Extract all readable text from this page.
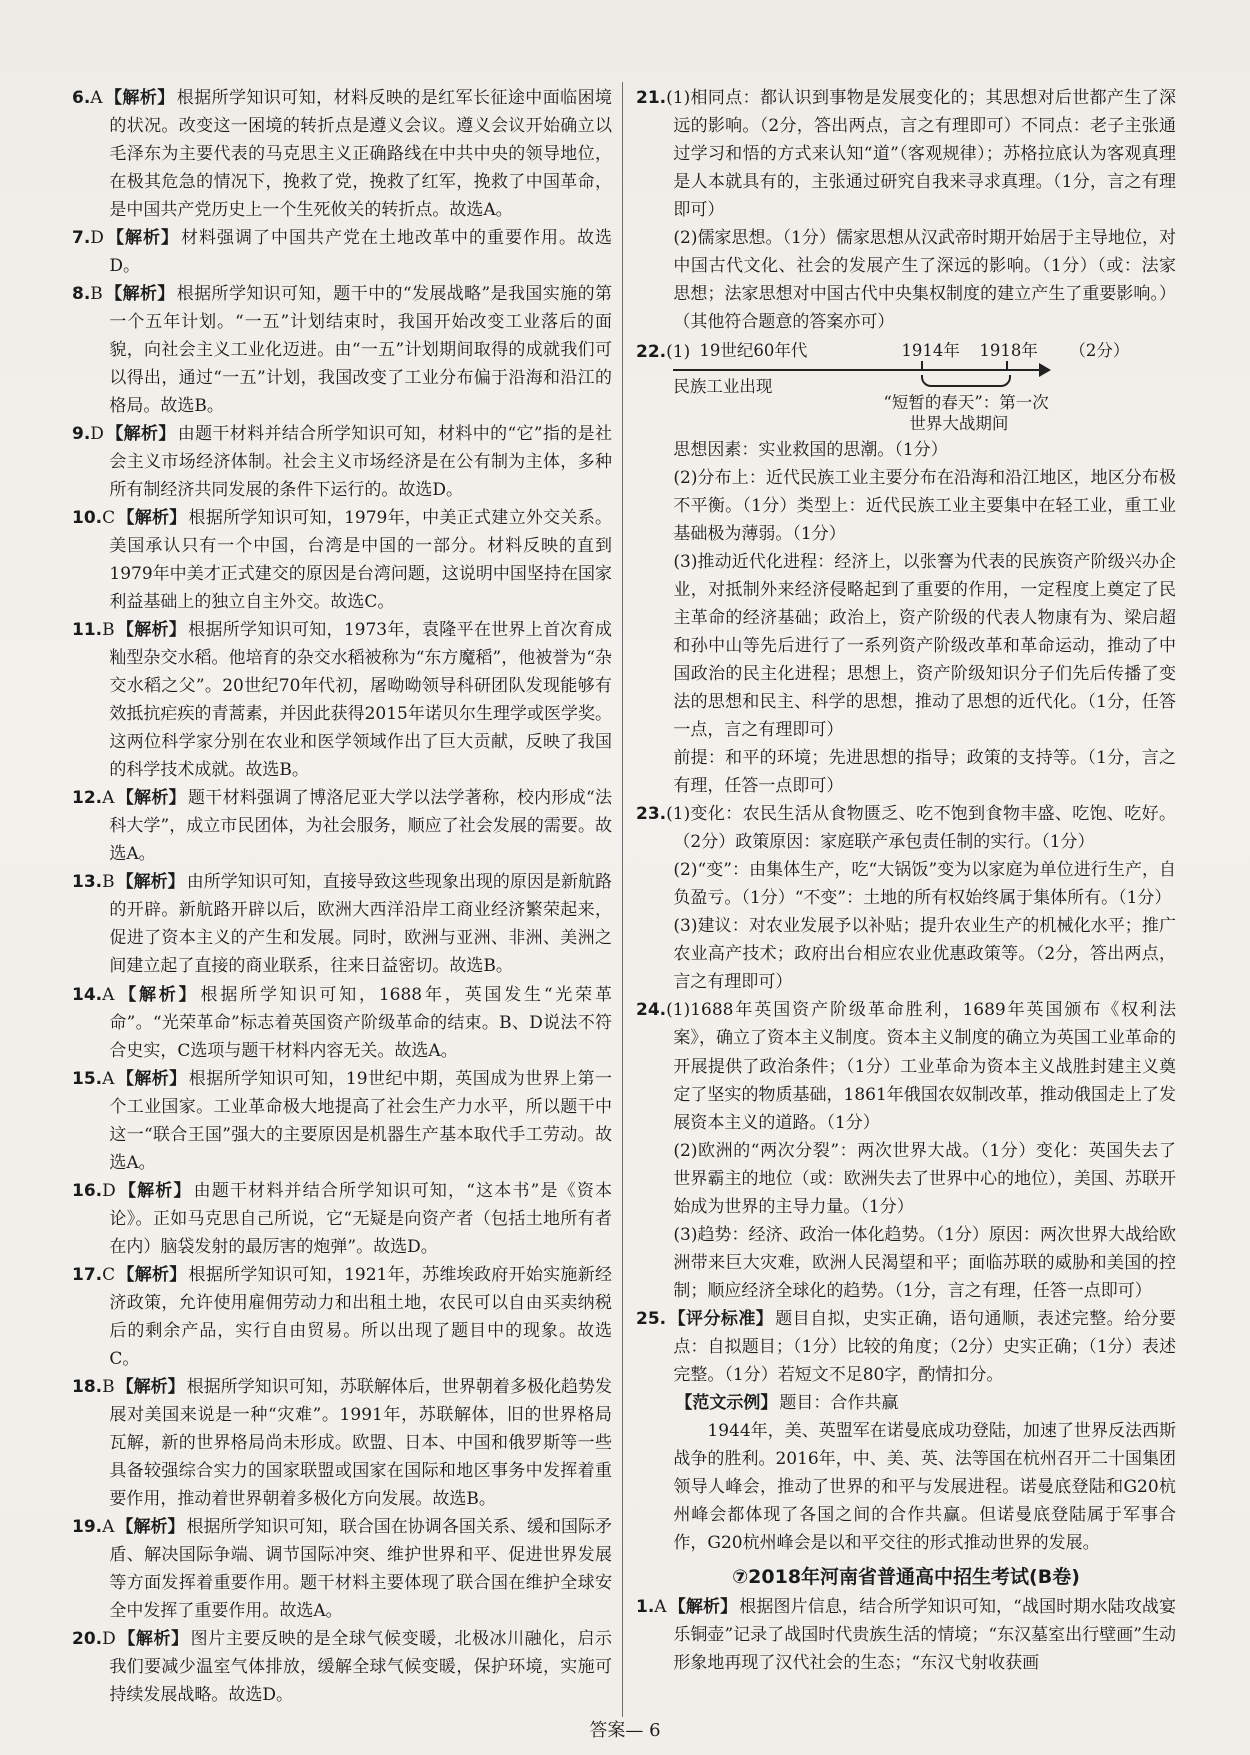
6.A 【解析】 根据所学知识可知，材料反映的是红军长征途中面临困境的状况。改变这一困境的转折点是遵义会议。遵义会议开始确立以毛泽东为主要代表的马克思主义正确路线在中共中央的领导地位，在极其危急的情况下，挽救了党，挽救了红军，挽救了中国革命，是中国共产党历史上一个生死攸关的转折点。故选A。

7.D 【解析】 材料强调了中国共产党在土地改革中的重要作用。故选D。

8.B 【解析】 根据所学知识可知，题干中的“发展战略”是我国实施的第一个五年计划。“一五”计划结束时，我国开始改变工业落后的面貌，向社会主义工业化迈进。由“一五”计划期间取得的成就我们可以得出，通过“一五”计划，我国改变了工业分布偏于沿海和沿江的格局。故选B。

9.D 【解析】 由题干材料并结合所学知识可知，材料中的“它”指的是社会主义市场经济体制。社会主义市场经济是在公有制为主体，多种所有制经济共同发展的条件下运行的。故选D。

10.C 【解析】 根据所学知识可知，1979年，中美正式建立外交关系。美国承认只有一个中国，台湾是中国的一部分。材料反映的直到1979年中美才正式建交的原因是台湾问题，这说明中国坚持在国家利益基础上的独立自主外交。故选C。

11.B 【解析】 根据所学知识可知，1973年，袁隆平在世界上首次育成籼型杂交水稻。他培育的杂交水稻被称为“东方魔稻”，他被誉为“杂交水稻之父”。20世纪70年代初，屠呦呦领导科研团队发现能够有效抵抗疟疾的青蒿素，并因此获得2015年诺贝尔生理学或医学奖。这两位科学家分别在农业和医学领域作出了巨大贡献，反映了我国的科学技术成就。故选B。

12.A 【解析】 题干材料强调了博洛尼亚大学以法学著称，校内形成“法科大学”，成立市民团体，为社会服务，顺应了社会发展的需要。故选A。

13.B 【解析】 由所学知识可知，直接导致这些现象出现的原因是新航路的开辟。新航路开辟以后，欧洲大西洋沿岸工商业经济繁荣起来，促进了资本主义的产生和发展。同时，欧洲与亚洲、非洲、美洲之间建立起了直接的商业联系，往来日益密切。故选B。

14.A 【解析】 根据所学知识可知，1688年，英国发生“光荣革命”。“光荣革命”标志着英国资产阶级革命的结束。B、D说法不符合史实，C选项与题干材料内容无关。故选A。

15.A 【解析】 根据所学知识可知，19世纪中期，英国成为世界上第一个工业国家。工业革命极大地提高了社会生产力水平，所以题干中这一“联合王国”强大的主要原因是机器生产基本取代手工劳动。故选A。

16.D 【解析】 由题干材料并结合所学知识可知，“这本书”是《资本论》。正如马克思自己所说，它“无疑是向资产者（包括土地所有者在内）脑袋发射的最厉害的炮弹”。故选D。

17.C 【解析】 根据所学知识可知，1921年，苏维埃政府开始实施新经济政策，允许使用雇佣劳动力和出租土地，农民可以自由买卖纳税后的剩余产品，实行自由贸易。所以出现了题目中的现象。故选C。

18.B 【解析】 根据所学知识可知，苏联解体后，世界朝着多极化趋势发展对美国来说是一种“灾难”。1991年，苏联解体，旧的世界格局瓦解，新的世界格局尚未形成。欧盟、日本、中国和俄罗斯等一些具备较强综合实力的国家联盟或国家在国际和地区事务中发挥着重要作用，推动着世界朝着多极化方向发展。故选B。

19.A 【解析】 根据所学知识可知，联合国在协调各国关系、缓和国际矛盾、解决国际争端、调节国际冲突、维护世界和平、促进世界发展等方面发挥着重要作用。题干材料主要体现了联合国在维护全球安全中发挥了重要作用。故选A。

20.D 【解析】 图片主要反映的是全球气候变暖，北极冰川融化，启示我们要减少温室气体排放，缓解全球气候变暖，保护环境，实施可持续发展战略。故选D。

21.(1)相同点：都认识到事物是发展变化的；其思想对后世都产生了深远的影响。（2分，答出两点，言之有理即可）不同点：老子主张通过学习和悟的方式来认知“道”（客观规律）；苏格拉底认为客观真理是人本就具有的，主张通过研究自我来寻求真理。（1分，言之有理即可）

(2)儒家思想。（1分）儒家思想从汉武帝时期开始居于主导地位，对中国古代文化、社会的发展产生了深远的影响。（1分）（或：法家思想；法家思想对中国古代中央集权制度的建立产生了重要影响。）（其他符合题意的答案亦可）

22.(1) 19世纪60年代	1914年 1918年 （2分）
民族工业出现
“短暂的春天”：第一次
世界大战期间

思想因素：实业救国的思潮。（1分）

(2)分布上：近代民族工业主要分布在沿海和沿江地区，地区分布极不平衡。（1分）类型上：近代民族工业主要集中在轻工业，重工业基础极为薄弱。（1分）

(3)推动近代化进程：经济上，以张謇为代表的民族资产阶级兴办企业，对抵制外来经济侵略起到了重要的作用，一定程度上奠定了民主革命的经济基础；政治上，资产阶级的代表人物康有为、梁启超和孙中山等先后进行了一系列资产阶级改革和革命运动，推动了中国政治的民主化进程；思想上，资产阶级知识分子们先后传播了变法的思想和民主、科学的思想，推动了思想的近代化。（1分，任答一点，言之有理即可）

前提：和平的环境；先进思想的指导；政策的支持等。（1分，言之有理，任答一点即可）

23.(1)变化：农民生活从食物匮乏、吃不饱到食物丰盛、吃饱、吃好。（2分）政策原因：家庭联产承包责任制的实行。（1分）

(2)“变”：由集体生产，吃“大锅饭”变为以家庭为单位进行生产，自负盈亏。（1分）“不变”：土地的所有权始终属于集体所有。（1分）

(3)建议：对农业发展予以补贴；提升农业生产的机械化水平；推广农业高产技术；政府出台相应农业优惠政策等。（2分，答出两点，言之有理即可）

24.(1)1688年英国资产阶级革命胜利，1689年英国颁布《权利法案》，确立了资本主义制度。资本主义制度的确立为英国工业革命的开展提供了政治条件；（1分）工业革命为资本主义战胜封建主义奠定了坚实的物质基础，1861年俄国农奴制改革，推动俄国走上了发展资本主义的道路。（1分）

(2)欧洲的“两次分裂”：两次世界大战。（1分）变化：英国失去了世界霸主的地位（或：欧洲失去了世界中心的地位），美国、苏联开始成为世界的主导力量。（1分）

(3)趋势：经济、政治一体化趋势。（1分）原因：两次世界大战给欧洲带来巨大灾难，欧洲人民渴望和平；面临苏联的威胁和美国的控制；顺应经济全球化的趋势。（1分，言之有理，任答一点即可）

25. 【评分标准】 题目自拟，史实正确，语句通顺，表述完整。给分要点：自拟题目；（1分）比较的角度；（2分）史实正确；（1分）表述完整。（1分）若短文不足80字，酌情扣分。

【范文示例】 题目：合作共赢

1944年，美、英盟军在诺曼底成功登陆，加速了世界反法西斯战争的胜利。2016年，中、美、英、法等国在杭州召开二十国集团领导人峰会，推动了世界的和平与发展进程。诺曼底登陆和G20杭州峰会都体现了各国之间的合作共赢。但诺曼底登陆属于军事合作，G20杭州峰会是以和平交往的形式推动世界的发展。

⑦2018年河南省普通高中招生考试(B卷)

1.A 【解析】 根据图片信息，结合所学知识可知，“战国时期水陆攻战宴乐铜壶”记录了战国时代贵族生活的情境；“东汉墓室出行壁画”生动形象地再现了汉代社会的生态；“东汉弋射收获画

答案— 6
